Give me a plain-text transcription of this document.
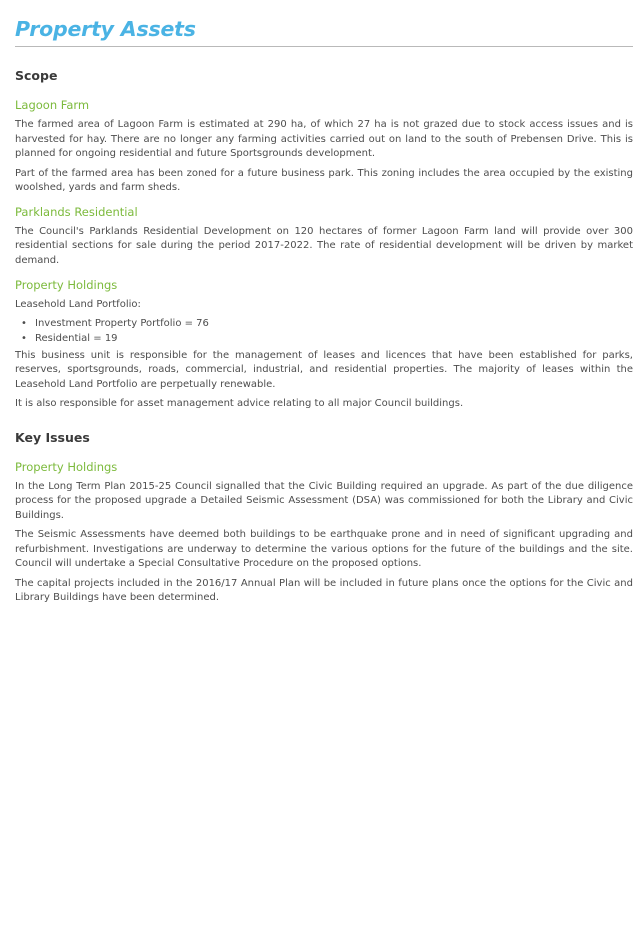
Property Assets
Scope
Lagoon Farm

The farmed area of Lagoon Farm is estimated at 290 ha, of which 27 ha is not grazed due to stock access issues and is harvested for hay. There are no longer any farming activities carried out on land to the south of Prebensen Drive. This is planned for ongoing residential and future Sportsgrounds development.

Part of the farmed area has been zoned for a future business park. This zoning includes the area occupied by the existing woolshed, yards and farm sheds.

Parklands Residential

The Council's Parklands Residential Development on 120 hectares of former Lagoon Farm land will provide over 300 residential sections for sale during the period 2017-2022. The rate of residential development will be driven by market demand.

Property Holdings

Leasehold Land Portfolio:

• Investment Property Portfolio = 76
• Residential = 19

This business unit is responsible for the management of leases and licences that have been established for parks, reserves, sportsgrounds, roads, commercial, industrial, and residential properties. The majority of leases within the Leasehold Land Portfolio are perpetually renewable.

It is also responsible for asset management advice relating to all major Council buildings.

Key Issues
Property Holdings

In the Long Term Plan 2015-25 Council signalled that the Civic Building required an upgrade. As part of the due diligence process for the proposed upgrade a Detailed Seismic Assessment (DSA) was commissioned for both the Library and Civic Buildings.

The Seismic Assessments have deemed both buildings to be earthquake prone and in need of significant upgrading and refurbishment. Investigations are underway to determine the various options for the future of the buildings and the site. Council will undertake a Special Consultative Procedure on the proposed options.

The capital projects included in the 2016/17 Annual Plan will be included in future plans once the options for the Civic and Library Buildings have been determined.
